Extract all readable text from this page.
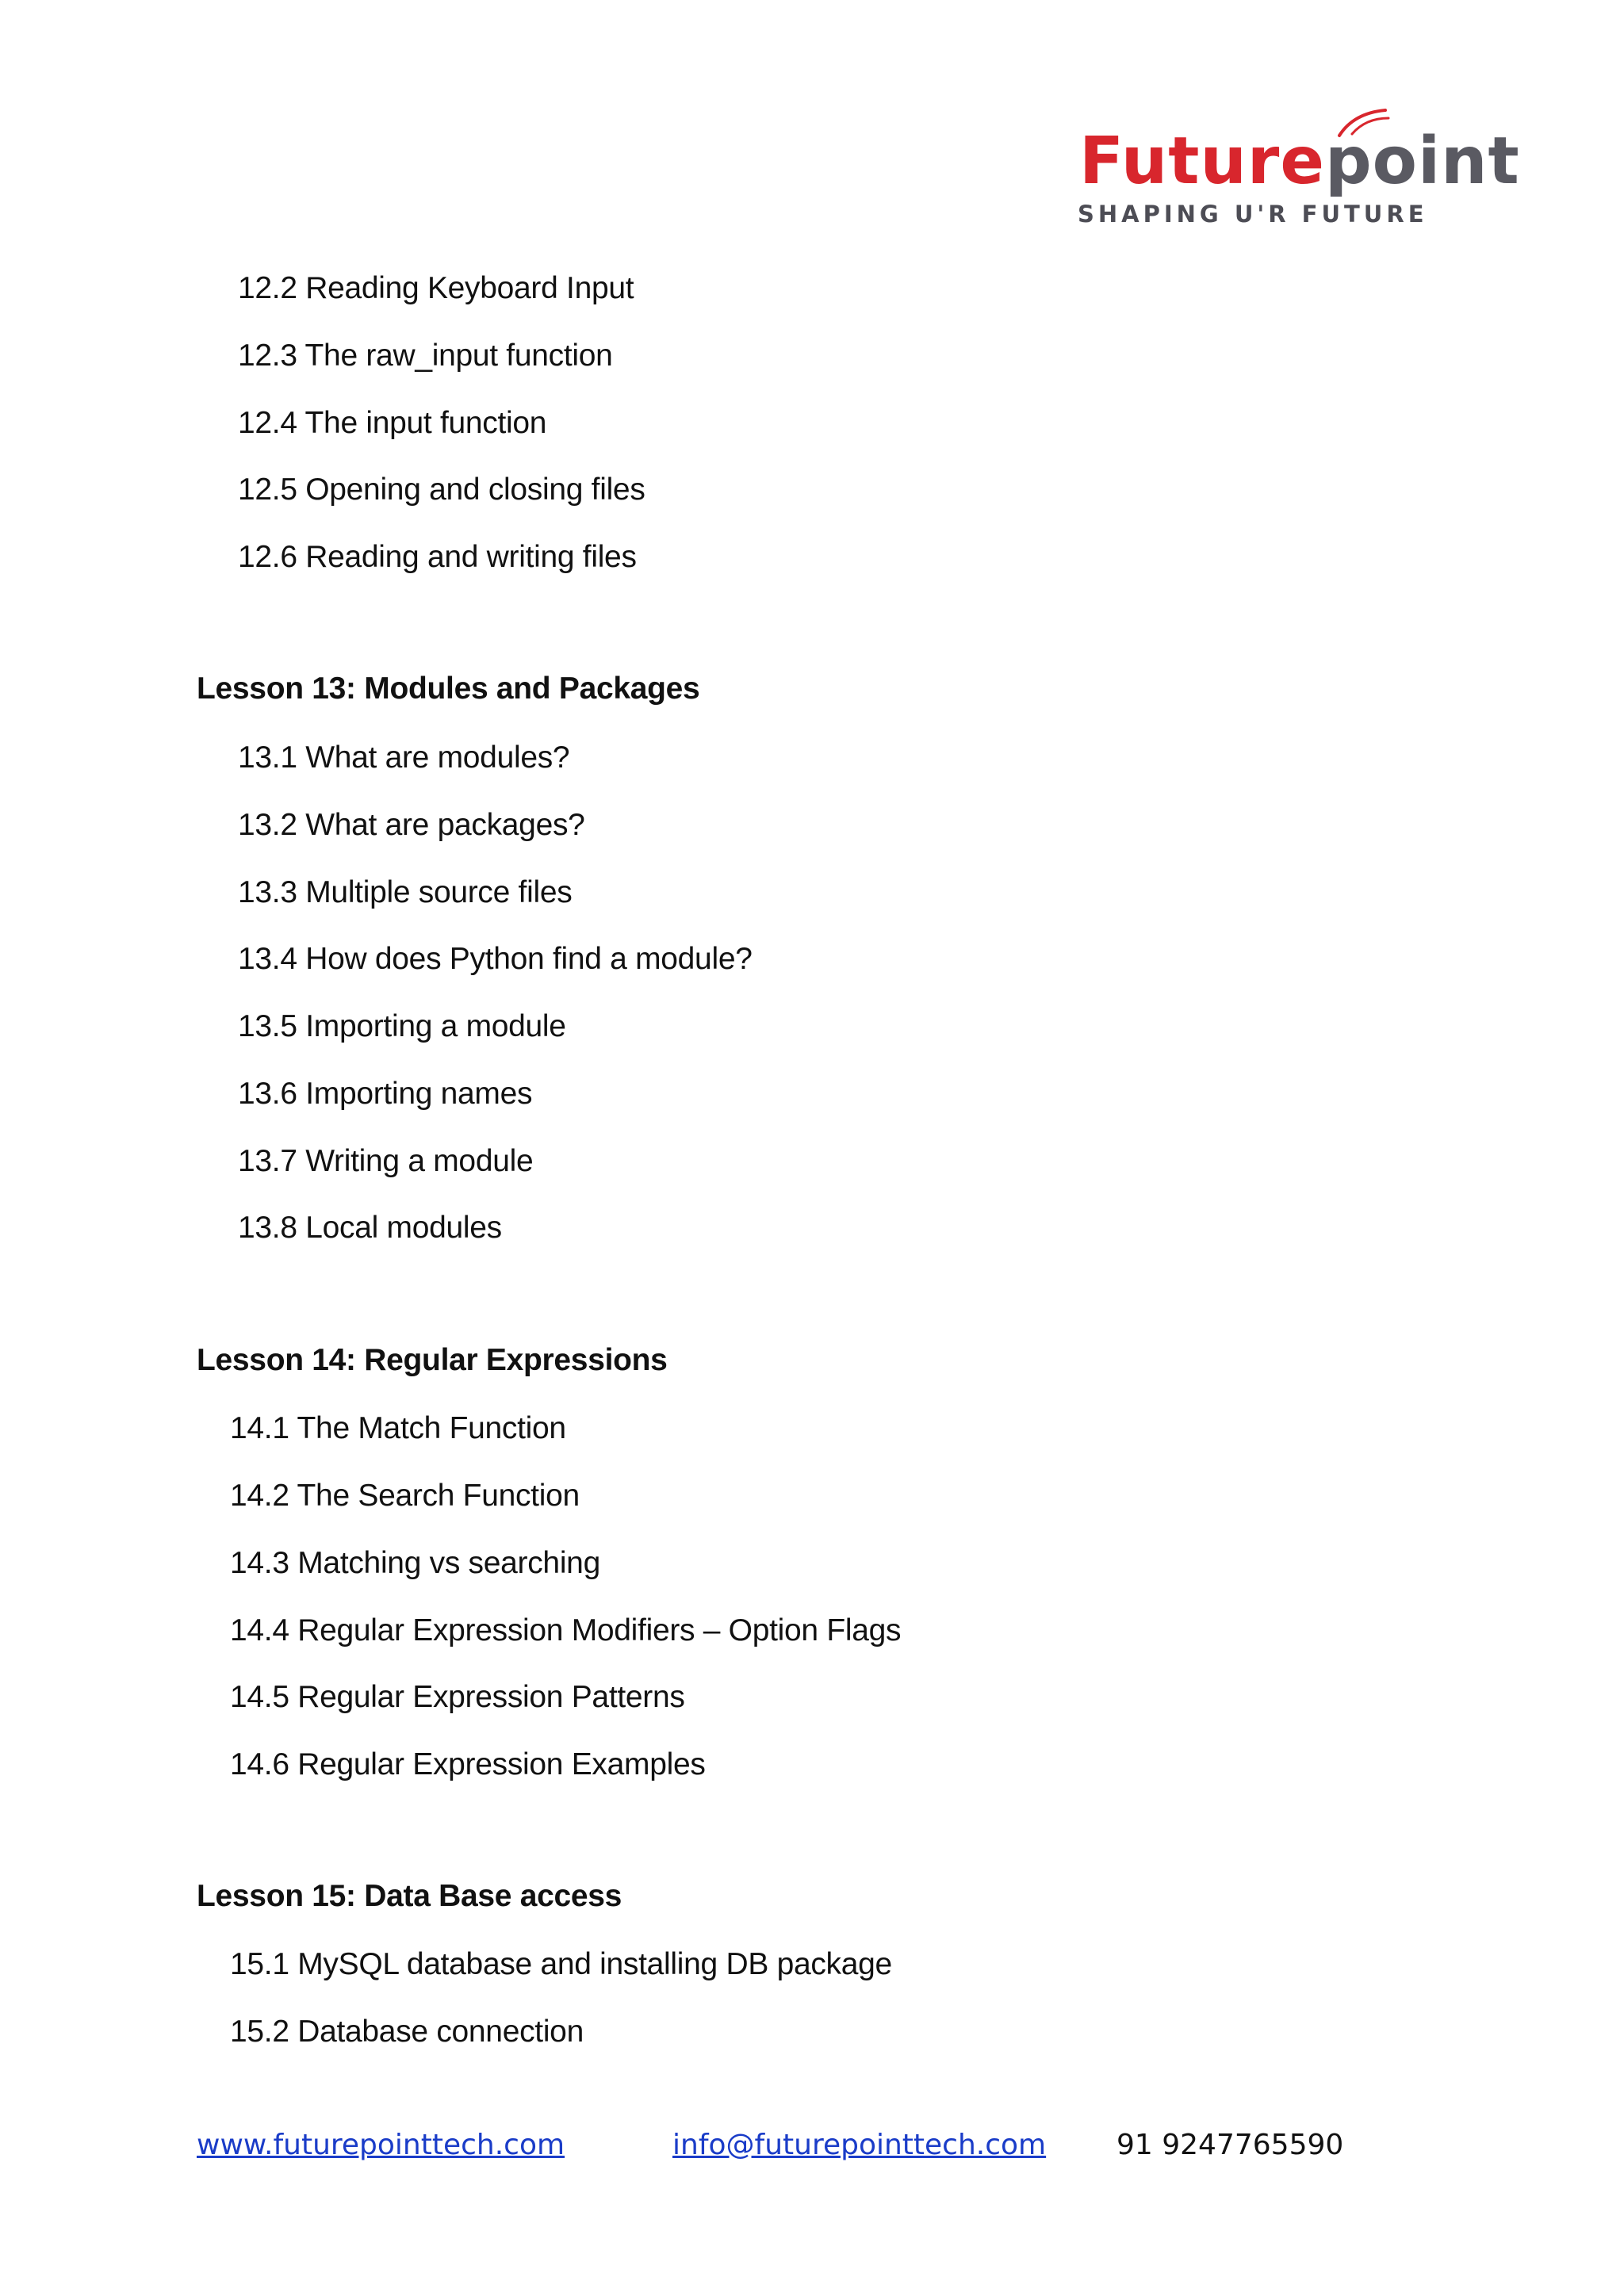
Futurepoint
SHAPING U'R FUTURE
12.2 Reading Keyboard Input
12.3 The raw_input function
12.4 The input function
12.5 Opening and closing files
12.6 Reading and writing files
Lesson 13: Modules and Packages
13.1 What are modules?
13.2 What are packages?
13.3 Multiple source files
13.4 How does Python find a module?
13.5 Importing a module
13.6 Importing names
13.7 Writing a module
13.8 Local modules
Lesson 14: Regular Expressions
14.1 The Match Function
14.2 The Search Function
14.3 Matching vs searching
14.4 Regular Expression Modifiers – Option Flags
14.5 Regular Expression Patterns
14.6 Regular Expression Examples
Lesson 15: Data Base access
15.1 MySQL database and installing DB package
15.2 Database connection
www.futurepointtech.com	info@futurepointtech.com 91 9247765590
